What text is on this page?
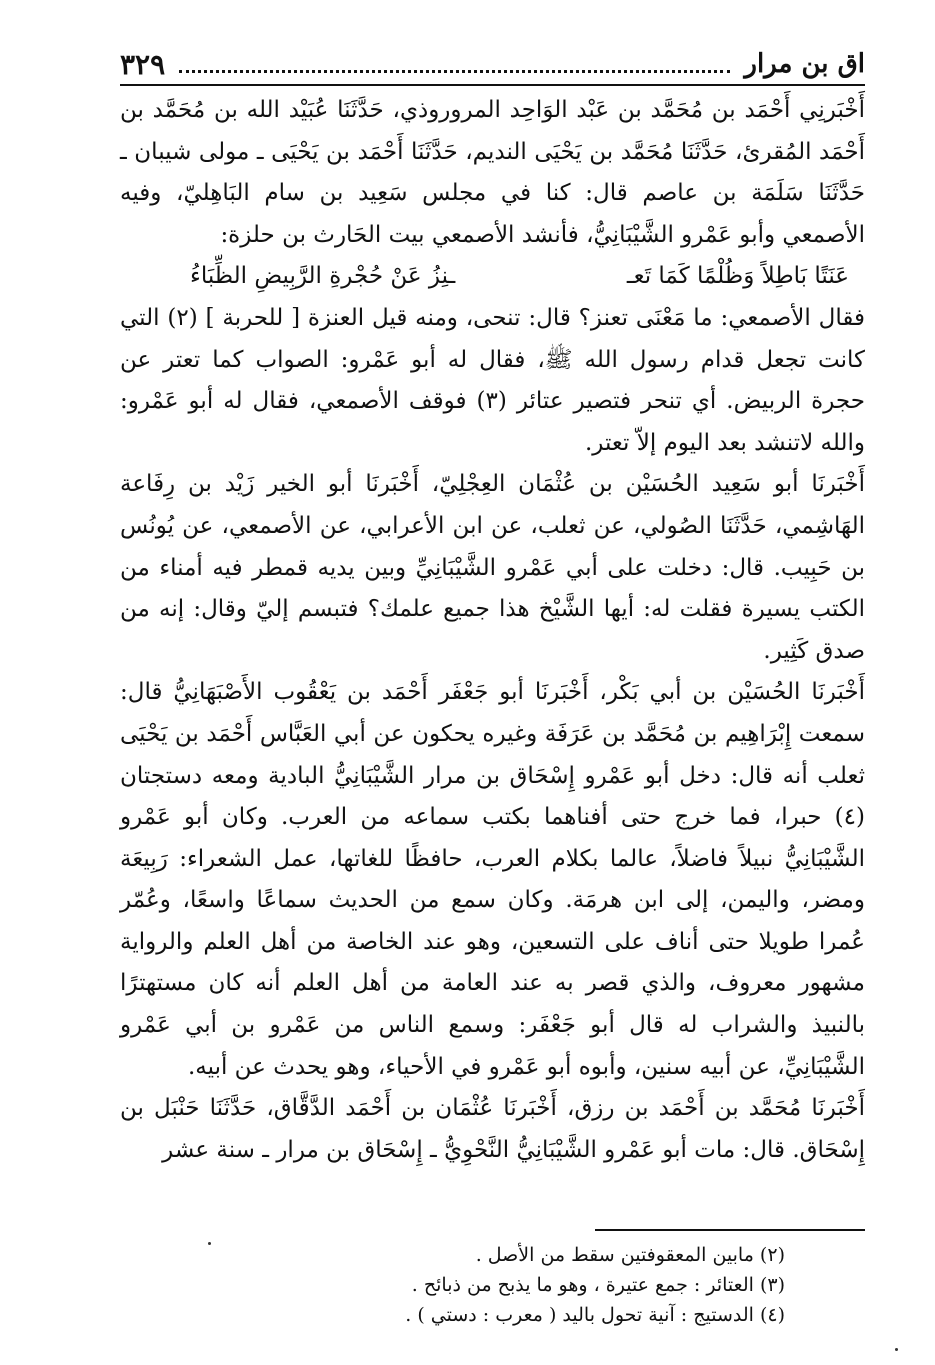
اق بن مرار
٣٢٩

أَخْبَرنِي أَحْمَد بن مُحَمَّد بن عَبْد الوَاحِد المروروذي، حَدَّثَنَا عُبَيْد الله بن مُحَمَّد بن أَحْمَد المُقرئ، حَدَّثَنَا مُحَمَّد بن يَحْيَى النديم، حَدَّثَنَا أَحْمَد بن يَحْيَى ـ مولى شيبان ـ حَدَّثَنَا سَلَمَة بن عاصم قال: كنا في مجلس سَعِيد بن سام البَاهِليّ، وفيه الأصمعي وأبو عَمْرو الشَّيْبَانِيُّ، فأنشد الأصمعي بيت الحَارث بن حلزة:

عَنَتًا بَاطِلاً وَظُلْمًا كَمَا تَعـ
ـنِزُ عَنْ حُجْرةِ الرَّبِيضِ الظِّبَاءُ

فقال الأصمعي: ما مَعْنَى تعنز؟ قال: تنحى، ومنه قيل العنزة [ للحربة ] (٢) التي كانت تجعل قدام رسول الله ﷺ، فقال له أبو عَمْرو: الصواب كما تعتر عن حجرة الربيض. أي تنحر فتصير عتائر (٣) فوقف الأصمعي، فقال له أبو عَمْرو: والله لاتنشد بعد اليوم إلاّ تعتر.

أَخْبَرنَا أبو سَعِيد الحُسَيْن بن عُثْمَان العِجْلِيّ، أَخْبَرنَا أبو الخير زَيْد بن رِفَاعة الهَاشِمي، حَدَّثَنَا الصُولي، عن ثعلب، عن ابن الأعرابي، عن الأصمعي، عن يُونُس بن حَبِيب. قال: دخلت على أبي عَمْرو الشَّيْبَانِيِّ وبين يديه قمطر فيه أمناء من الكتب يسيرة فقلت له: أيها الشَّيْخ هذا جميع علمك؟ فتبسم إليّ وقال: إنه من صدق كَثِير.

أَخْبَرنَا الحُسَيْن بن أبي بَكْر، أَخْبَرنَا أبو جَعْفَر أَحْمَد بن يَعْقُوب الأَصْبَهَانِيُّ قال: سمعت إِبْرَاهِيم بن مُحَمَّد بن عَرَفَة وغيره يحكون عن أبي العَبَّاس أَحْمَد بن يَحْيَى ثعلب أنه قال: دخل أبو عَمْرو إِسْحَاق بن مرار الشَّيْبَانِيُّ البادية ومعه دستجتان (٤) حبرا، فما خرج حتى أفناهما بكتب سماعه من العرب. وكان أبو عَمْرو الشَّيْبَانِيُّ نبيلاً فاضلاً، عالما بكلام العرب، حافظًا للغاتها، عمل الشعراء: رَبِيعَة ومضر، واليمن، إلى ابن هرمَة. وكان سمع من الحديث سماعًا واسعًا، وعُمّر عُمرا طويلا حتى أناف على التسعين، وهو عند الخاصة من أهل العلم والرواية مشهور معروف، والذي قصر به عند العامة من أهل العلم أنه كان مستهترًا بالنبيذ والشراب له قال أبو جَعْفَر: وسمع الناس من عَمْرو بن أبي عَمْرو الشَّيْبَانِيِّ، عن أبيه سنين، وأبوه أبو عَمْرو في الأحياء، وهو يحدث عن أبيه.

أَخْبَرنَا مُحَمَّد بن أَحْمَد بن رزق، أَخْبَرنَا عُثْمَان بن أَحْمَد الدَّقَّاق، حَدَّثَنَا حَنْبَل بن إِسْحَاق. قال: مات أبو عَمْرو الشَّيْبَانِيُّ النَّحْوِيُّ ـ إِسْحَاق بن مرار ـ سنة عشر

(٢) مابين المعقوفتين سقط من الأصل .
(٣) العتائر : جمع عتيرة ، وهو ما يذبح من ذبائح .
(٤) الدستيج : آنية تحول باليد ( معرب : دستي ) .
